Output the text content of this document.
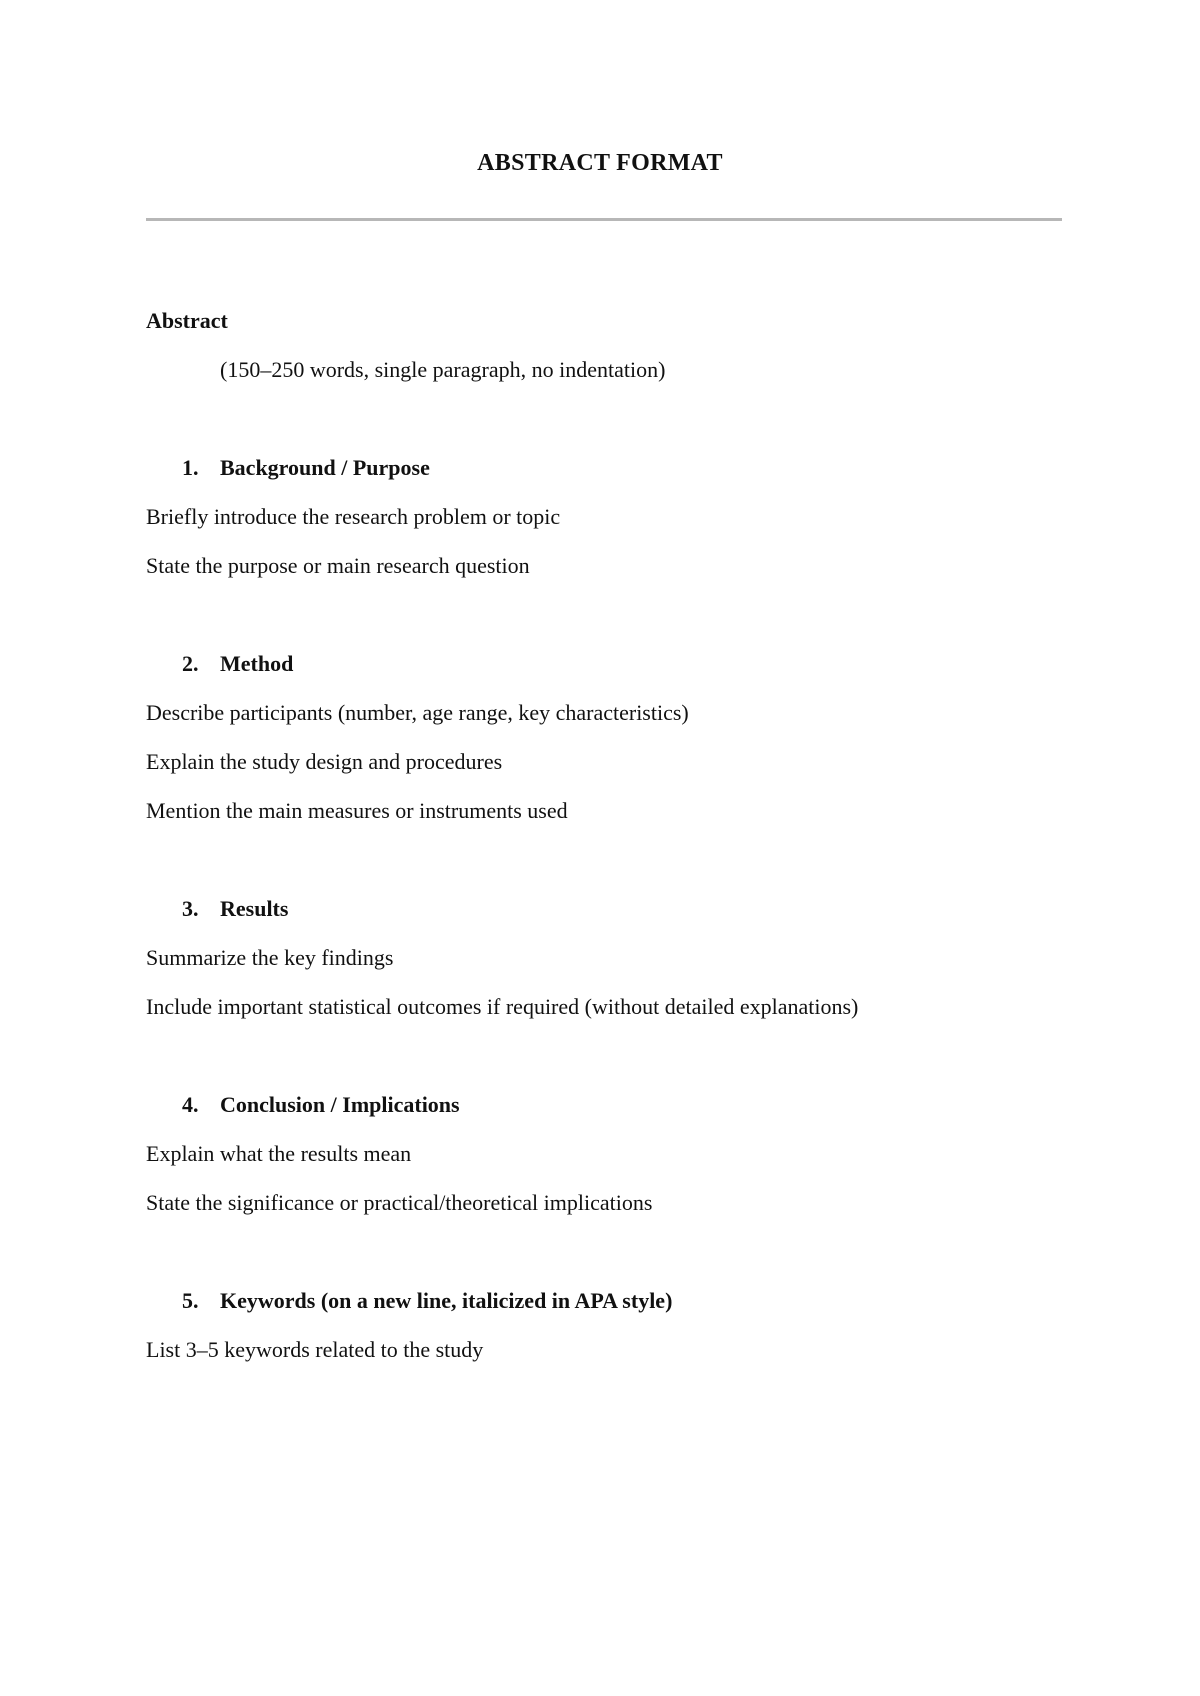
ABSTRACT FORMAT

Abstract

(150–250 words, single paragraph, no indentation)

1. Background / Purpose

Briefly introduce the research problem or topic

State the purpose or main research question

2. Method

Describe participants (number, age range, key characteristics)

Explain the study design and procedures

Mention the main measures or instruments used

3. Results

Summarize the key findings

Include important statistical outcomes if required (without detailed explanations)

4. Conclusion / Implications

Explain what the results mean

State the significance or practical/theoretical implications

5. Keywords (on a new line, italicized in APA style)

List 3–5 keywords related to the study
